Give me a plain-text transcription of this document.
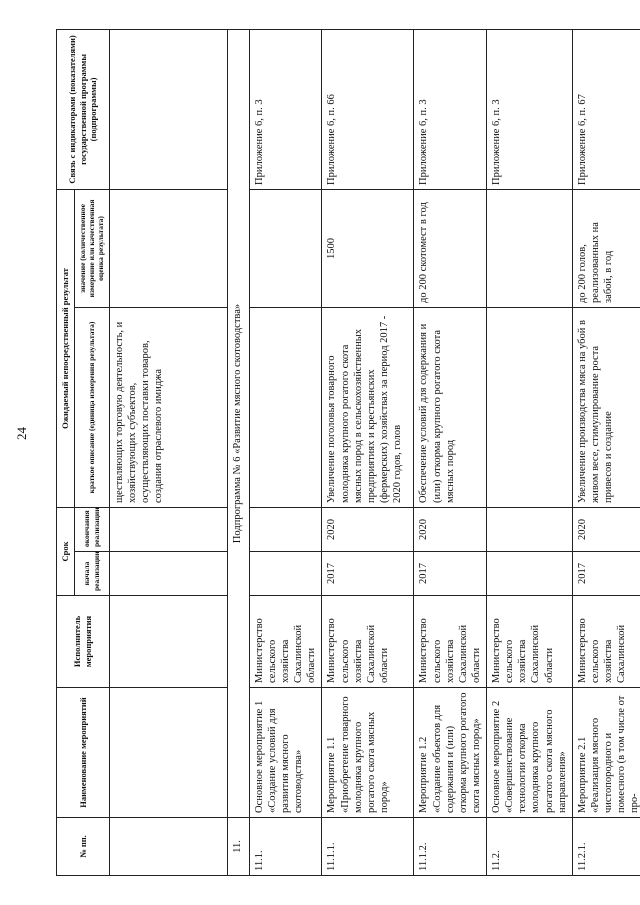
24
№ пп.	Наименование мероприятий	Исполнитель мероприятия	Срок		Ожидаемый непосредственный результат		Связь с индикаторами (показателями) государственной программы (подпрограммы)
			начала реализации	окончания реализации	краткое описание (единица измерения результата)	значение (количественное измерение или качественная оценка результата)	
					ществляющих торговую деятельность, и хозяйствующих субъектов, осуществляющих поставки товаров, создания отраслевого имиджа		
11.	Подпрограмма № 6 «Развитие мясного скотоводства»						
11.1.	Основное мероприятие 1 «Создание условий для развития мясного скотоводства»	Министерство сельского хозяйства Сахалинской области					Приложение 6, п. 3
11.1.1.	Мероприятие 1.1 «Приобретение товарного молодняка крупного рогатого скота мясных пород»	Министерство сельского хозяйства Сахалинской области	2017	2020	Увеличение поголовья товарного молодняка крупного рогатого скота мясных пород в сельскохозяйственных предприятиях и крестьянских (фермерских) хозяйствах за период 2017 - 2020 годов, голов	1500	Приложение 6, п. 66
11.1.2.	Мероприятие 1.2 «Создание объектов для содержания и (или) откорма крупного рогатого скота мясных пород»	Министерство сельского хозяйства Сахалинской области	2017	2020	Обеспечение условий для содержания и (или) откорма крупного рогатого скота мясных пород	до 200 скотомест в год	Приложение 6, п. 3
11.2.	Основное мероприятие 2 «Совершенствование технологии откорма молодняка крупного рогатого скота мясного направления»	Министерство сельского хозяйства Сахалинской области					Приложение 6, п. 3
11.2.1.	Мероприятие 2.1 «Реализация мясного чистопородного и помесного (в том числе от про-	Министерство сельского хозяйства Сахалинской	2017	2020	Увеличение производства мяса на убой в живом весе, стимулирование роста привесов и создание	до 200 голов, реализованных на забой, в год	Приложение 6, п. 67
